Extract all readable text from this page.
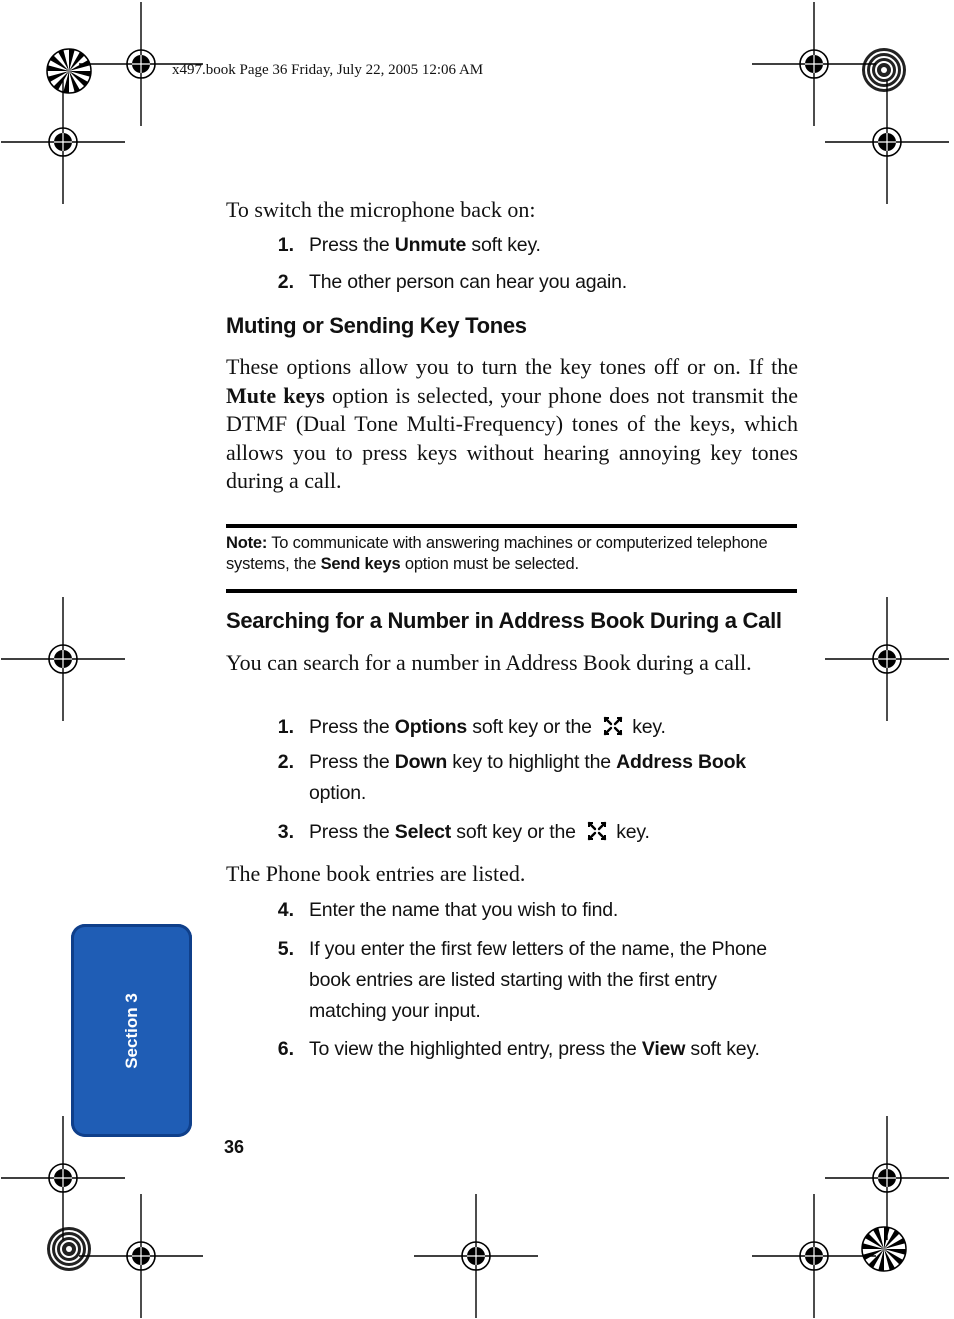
x497.book Page 36 Friday, July 22, 2005 12:06 AM
To switch the microphone back on:
1. Press the Unmute soft key.
2. The other person can hear you again.
Muting or Sending Key Tones
These options allow you to turn the key tones off or on. If the Mute keys option is selected, your phone does not transmit the DTMF (Dual Tone Multi-Frequency) tones of the keys, which allows you to press keys without hearing annoying key tones during a call.
Note: To communicate with answering machines or computerized telephone systems, the Send keys option must be selected.
Searching for a Number in Address Book During a Call
You can search for a number in Address Book during a call.
1. Press the Options soft key or the  key.
2. Press the Down key to highlight the Address Book option.
3. Press the Select soft key or the  key.
The Phone book entries are listed.
4. Enter the name that you wish to find.
5. If you enter the first few letters of the name, the Phone book entries are listed starting with the first entry matching your input.
6. To view the highlighted entry, press the View soft key.
Section 3
36
